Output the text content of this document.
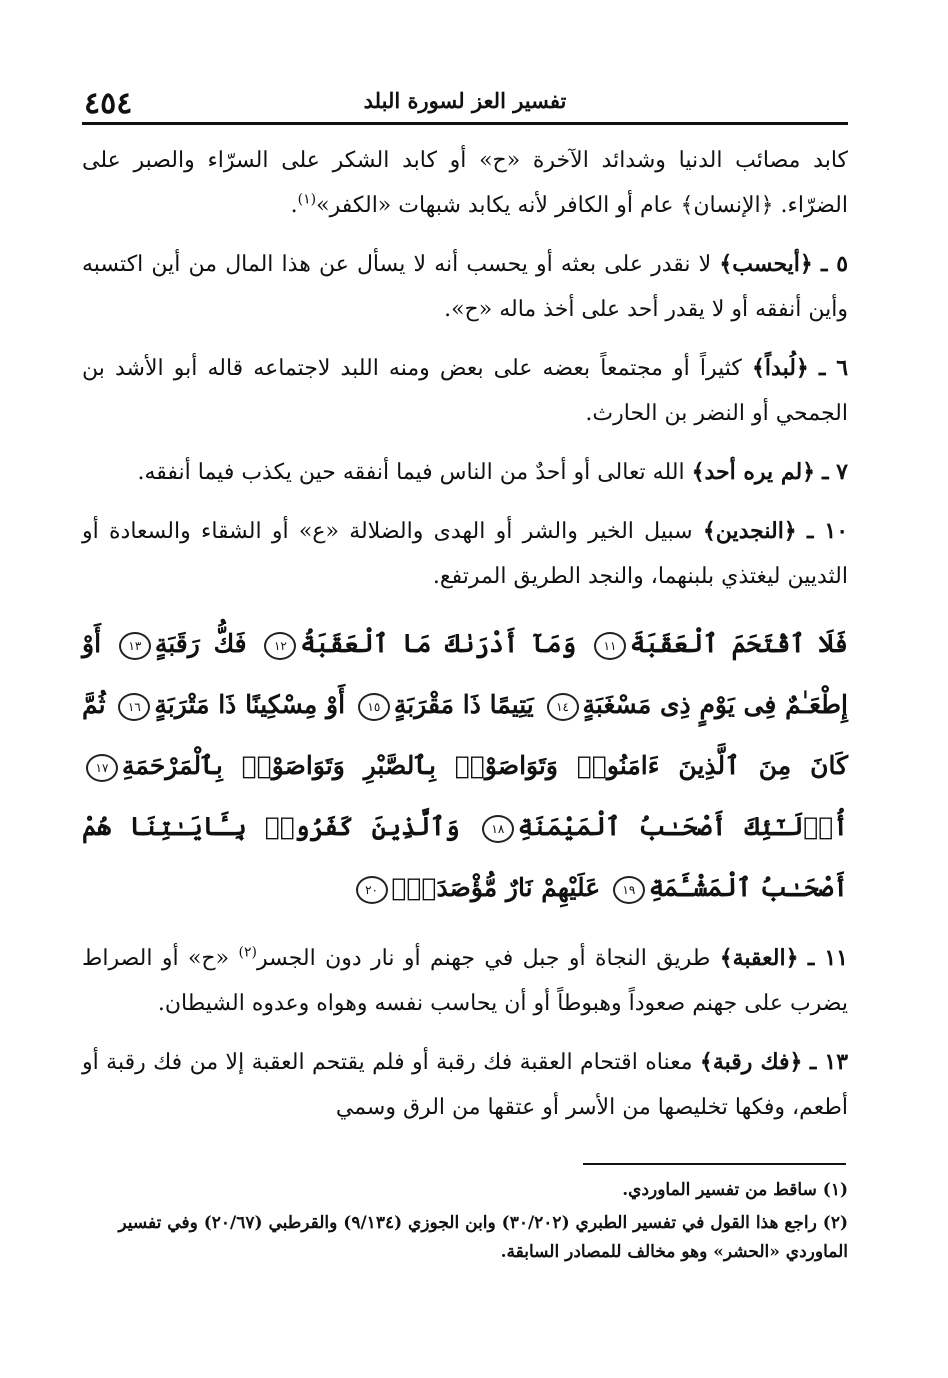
٤٥٤	تفسير العز لسورة البلد

كابد مصائب الدنيا وشدائد الآخرة «ح» أو كابد الشكر على السرّاء والصبر على الضرّاء. ﴿الإنسان﴾ عام أو الكافر لأنه يكابد شبهات «الكفر»$^{(١)}$.

٥ ـ ﴿أيحسب﴾ لا نقدر على بعثه أو يحسب أنه لا يسأل عن هذا المال من أين اكتسبه وأين أنفقه أو لا يقدر أحد على أخذ ماله «ح».

٦ ـ ﴿لُبداً﴾ كثيراً أو مجتمعاً بعضه على بعض ومنه اللبد لاجتماعه قاله أبو الأشد بن الجمحي أو النضر بن الحارث.

٧ ـ ﴿لم يره أحد﴾ الله تعالى أو أحدٌ من الناس فيما أنفقه حين يكذب فيما أنفقه.

١٠ ـ ﴿النجدين﴾ سبيل الخير والشر أو الهدى والضلالة «ع» أو الشقاء والسعادة أو الثديين ليغتذي بلبنهما، والنجد الطريق المرتفع.

فَلَا ٱقْتَحَمَ ٱلْعَقَبَةَ١١ وَمَآ أَدْرَىٰكَ مَا ٱلْعَقَبَةُ١٢ فَكُّ رَقَبَةٍ١٣ أَوْ إِطْعَـٰمٌ فِى يَوْمٍ ذِى مَسْغَبَةٍ١٤ يَتِيمًا ذَا مَقْرَبَةٍ١٥ أَوْ مِسْكِينًا ذَا مَتْرَبَةٍ١٦ ثُمَّ كَانَ مِنَ ٱلَّذِينَ ءَامَنُوا۟ وَتَوَاصَوْا۟ بِٱلصَّبْرِ وَتَوَاصَوْا۟ بِٱلْمَرْحَمَةِ١٧ أُو۟لَـٰٓئِكَ أَصْحَـٰبُ ٱلْمَيْمَنَةِ١٨ وَٱلَّذِينَ كَفَرُوا۟ بِـَٔايَـٰتِنَا هُمْ أَصْحَـٰبُ ٱلْمَشْـَٔمَةِ١٩ عَلَيْهِمْ نَارٌ مُّؤْصَدَةٌۢ٢٠

١١ ـ ﴿العقبة﴾ طريق النجاة أو جبل في جهنم أو نار دون الجسر$^{(٢)}$ «ح» أو الصراط يضرب على جهنم صعوداً وهبوطاً أو أن يحاسب نفسه وهواه وعدوه الشيطان.

١٣ ـ ﴿فك رقبة﴾ معناه اقتحام العقبة فك رقبة أو فلم يقتحم العقبة إلا من فك رقبة أو أطعم، وفكها تخليصها من الأسر أو عتقها من الرق وسمي

(١) ساقط من تفسير الماوردي.

(٢) راجع هذا القول في تفسير الطبري (٣٠/٢٠٢) وابن الجوزي (٩/١٣٤) والقرطبي (٢٠/٦٧) وفي تفسير الماوردي «الحشر» وهو مخالف للمصادر السابقة.
